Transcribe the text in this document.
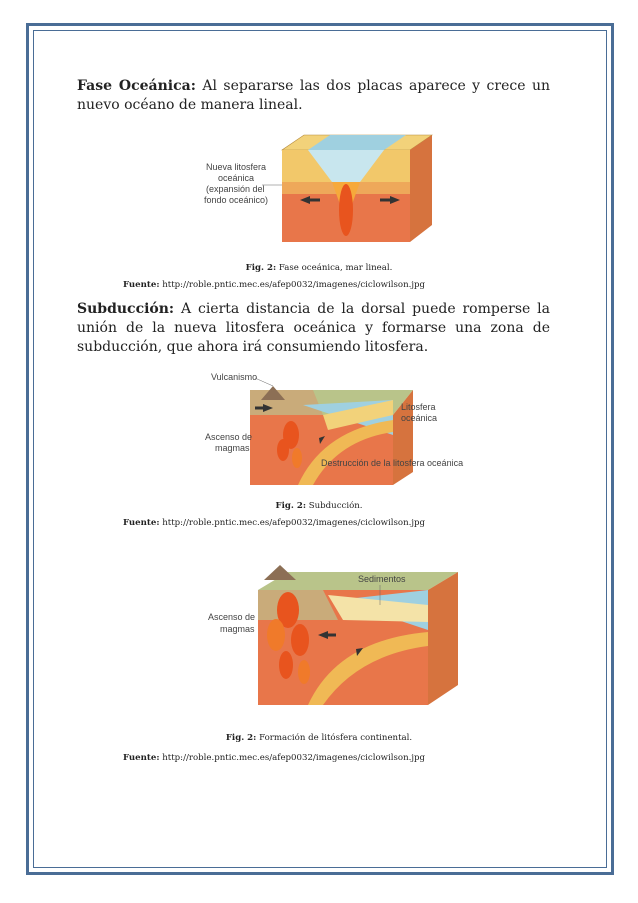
Fase Oceánica: Al separarse las dos placas aparece y crece un nuevo océano de manera lineal.
Nueva litosfera
oceánica
(expansión del
fondo oceánico)
Fig. 2: Fase oceánica, mar lineal.
Fuente: http://roble.pntic.mec.es/afep0032/imagenes/ciclowilson.jpg
Subducción: A cierta distancia de la dorsal puede romperse la unión de la nueva litosfera oceánica y formarse una zona de subducción, que ahora irá consumiendo litosfera.
Vulcanismo
Litosfera
oceánica
Ascenso de
magmas
Destrucción de la litosfera oceánica
Fig. 2: Subducción.
Fuente: http://roble.pntic.mec.es/afep0032/imagenes/ciclowilson.jpg
Sedimentos
Ascenso de
magmas
Fig. 2: Formación de litósfera continental.
Fuente: http://roble.pntic.mec.es/afep0032/imagenes/ciclowilson.jpg
